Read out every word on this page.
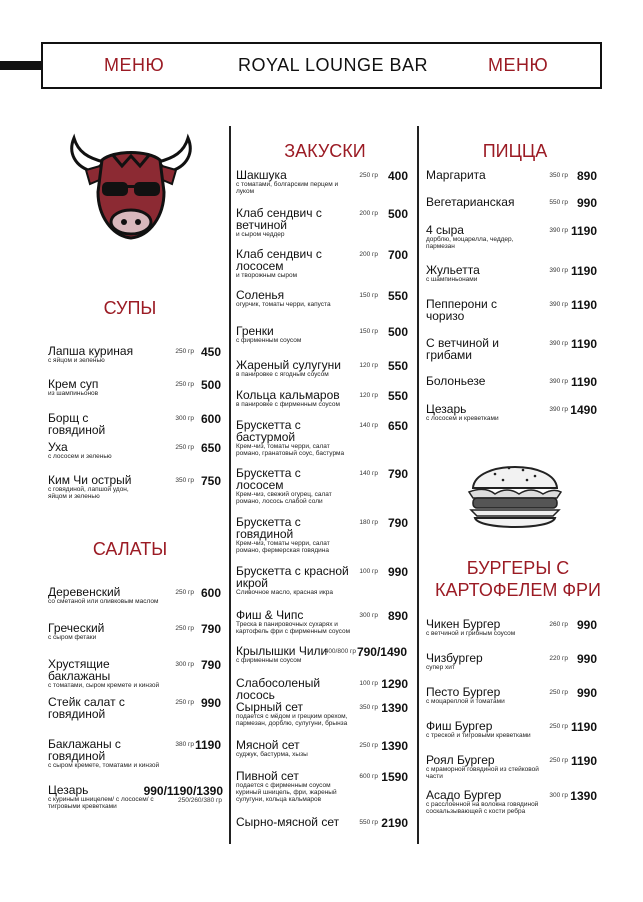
МЕНЮ	ROYAL LOUNGE BAR	МЕНЮ
СУПЫ
Лапша куриная
с яйцом и зеленью
250 гр 450
Крем суп
из шампиньонов
250 гр 500
Борщ с говядиной
300 гр 600
Уха
с лососем и зеленью
250 гр 650
Ким Чи острый
с говядиной, лапшой удон, яйцом и зеленью
350 гр 750
САЛАТЫ
Деревенский
со сметаной или оливковым маслом
250 гр 600
Греческий
с сыром фетаки
250 гр 790
Хрустящие баклажаны
с томатами, сыром кремете и кинзой
300 гр 790
Стейк салат с говядиной
250 гр 990
Баклажаны с говядиной
с сыром кремете, томатами и кинзой
380 гр 1190
Цезарь
с куриным шницелем/ с лососем/ с тигровыми креветками
250/260/380 гр
990/1190/1390
ЗАКУСКИ
Шакшука
с томатами, болгарским перцем и луком
250 гр 400
Клаб сендвич с ветчиной
и сыром чеддер
200 гр 500
Клаб сендвич с лососем
и творожным сыром
200 гр 700
Соленья
огурчик, томаты черри, капуста
150 гр 550
Гренки
с фирменным соусом
150 гр 500
Жареный сулугуни
в панировке с ягодным соусом
120 гр 550
Кольца кальмаров
в панировке с фирменным соусом
120 гр 550
Брускетта с бастурмой
Крем-чиз, томаты черри, салат романо, гранатовый соус, бастурма
140 гр 650
Брускетта с лососем
Крем-чиз, свежий огурец, салат романо, лосось слабой соли
140 гр 790
Брускетта с говядиной
Крем-чиз, томаты черри, салат романо, фермерская говядина
180 гр 790
Брускетта с красной икрой
Сливочное масло, красная икра
100 гр 990
Фиш & Чипс
Треска в панировочных сухарях и картофель фри с фирменным соусом
300 гр 890
Крылышки Чили
с фирменным соусом
400/800 гр 790/1490
Слабосоленый лосось
100 гр 1290
Сырный сет
подается с мёдом и грецким орехом, пармезан, дорблю, сулугуни, брынза
350 гр 1390
Мясной сет
суджук, бастурма, хызы
250 гр 1390
Пивной сет
подается с фирменным соусом куриный шницель, фри, жареный сулугуни, кольца кальмаров
600 гр 1590
Сырно-мясной сет	550 гр 2190
ПИЦЦА
Маргарита	350 гр 890
Вегетарианская	550 гр 990
4 сыра
дорблю, моцарелла, чеддер, пармезан
390 гр 1190
Жульетта
с шампиньонами
390 гр 1190
Пепперони с чоризо
390 гр 1190
С ветчиной и грибами
390 гр 1190
Болоньезе	390 гр 1190
Цезарь
с лососем и креветками
390 гр 1490
БУРГЕРЫ С КАРТОФЕЛЕМ ФРИ
Чикен Бургер
с ветчиной и грибным соусом
260 гр 990
Чизбургер
супер хит
220 гр 990
Песто Бургер
с моцареллой и томатами
250 гр 990
Фиш Бургер
с треской и тигровыми креветками
250 гр 1190
Роял Бургер
с мраморной говядиной из стейковой части
250 гр 1190
Асадо Бургер
с расслоенной на волокна говядиной соскальзывающей с кости ребра
300 гр 1390
